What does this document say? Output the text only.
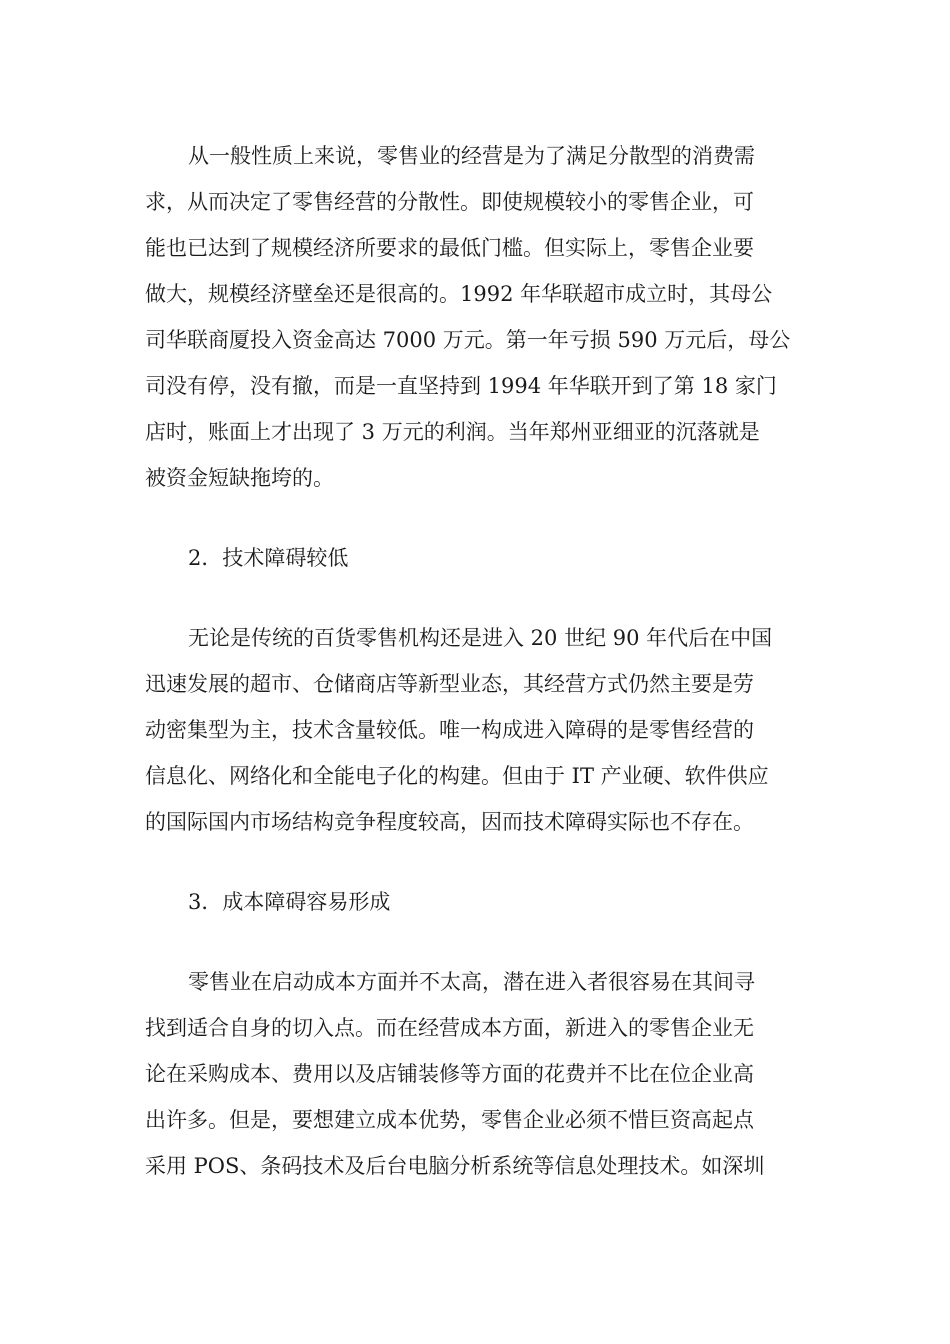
从一般性质上来说，零售业的经营是为了满足分散型的消费需
求，从而决定了零售经营的分散性。即使规模较小的零售企业，可
能也已达到了规模经济所要求的最低门槛。但实际上，零售企业要
做大，规模经济壁垒还是很高的。1992 年华联超市成立时，其母公
司华联商厦投入资金高达 7000 万元。第一年亏损 590 万元后，母公
司没有停，没有撤，而是一直坚持到 1994 年华联开到了第 18 家门
店时，账面上才出现了 3 万元的利润。当年郑州亚细亚的沉落就是
被资金短缺拖垮的。
2．技术障碍较低
无论是传统的百货零售机构还是进入 20 世纪 90 年代后在中国
迅速发展的超市、仓储商店等新型业态，其经营方式仍然主要是劳
动密集型为主，技术含量较低。唯一构成进入障碍的是零售经营的
信息化、网络化和全能电子化的构建。但由于 IT 产业硬、软件供应
的国际国内市场结构竞争程度较高，因而技术障碍实际也不存在。
3．成本障碍容易形成
零售业在启动成本方面并不太高，潜在进入者很容易在其间寻
找到适合自身的切入点。而在经营成本方面，新进入的零售企业无
论在采购成本、费用以及店铺装修等方面的花费并不比在位企业高
出许多。但是，要想建立成本优势，零售企业必须不惜巨资高起点
采用 POS、条码技术及后台电脑分析系统等信息处理技术。如深圳
